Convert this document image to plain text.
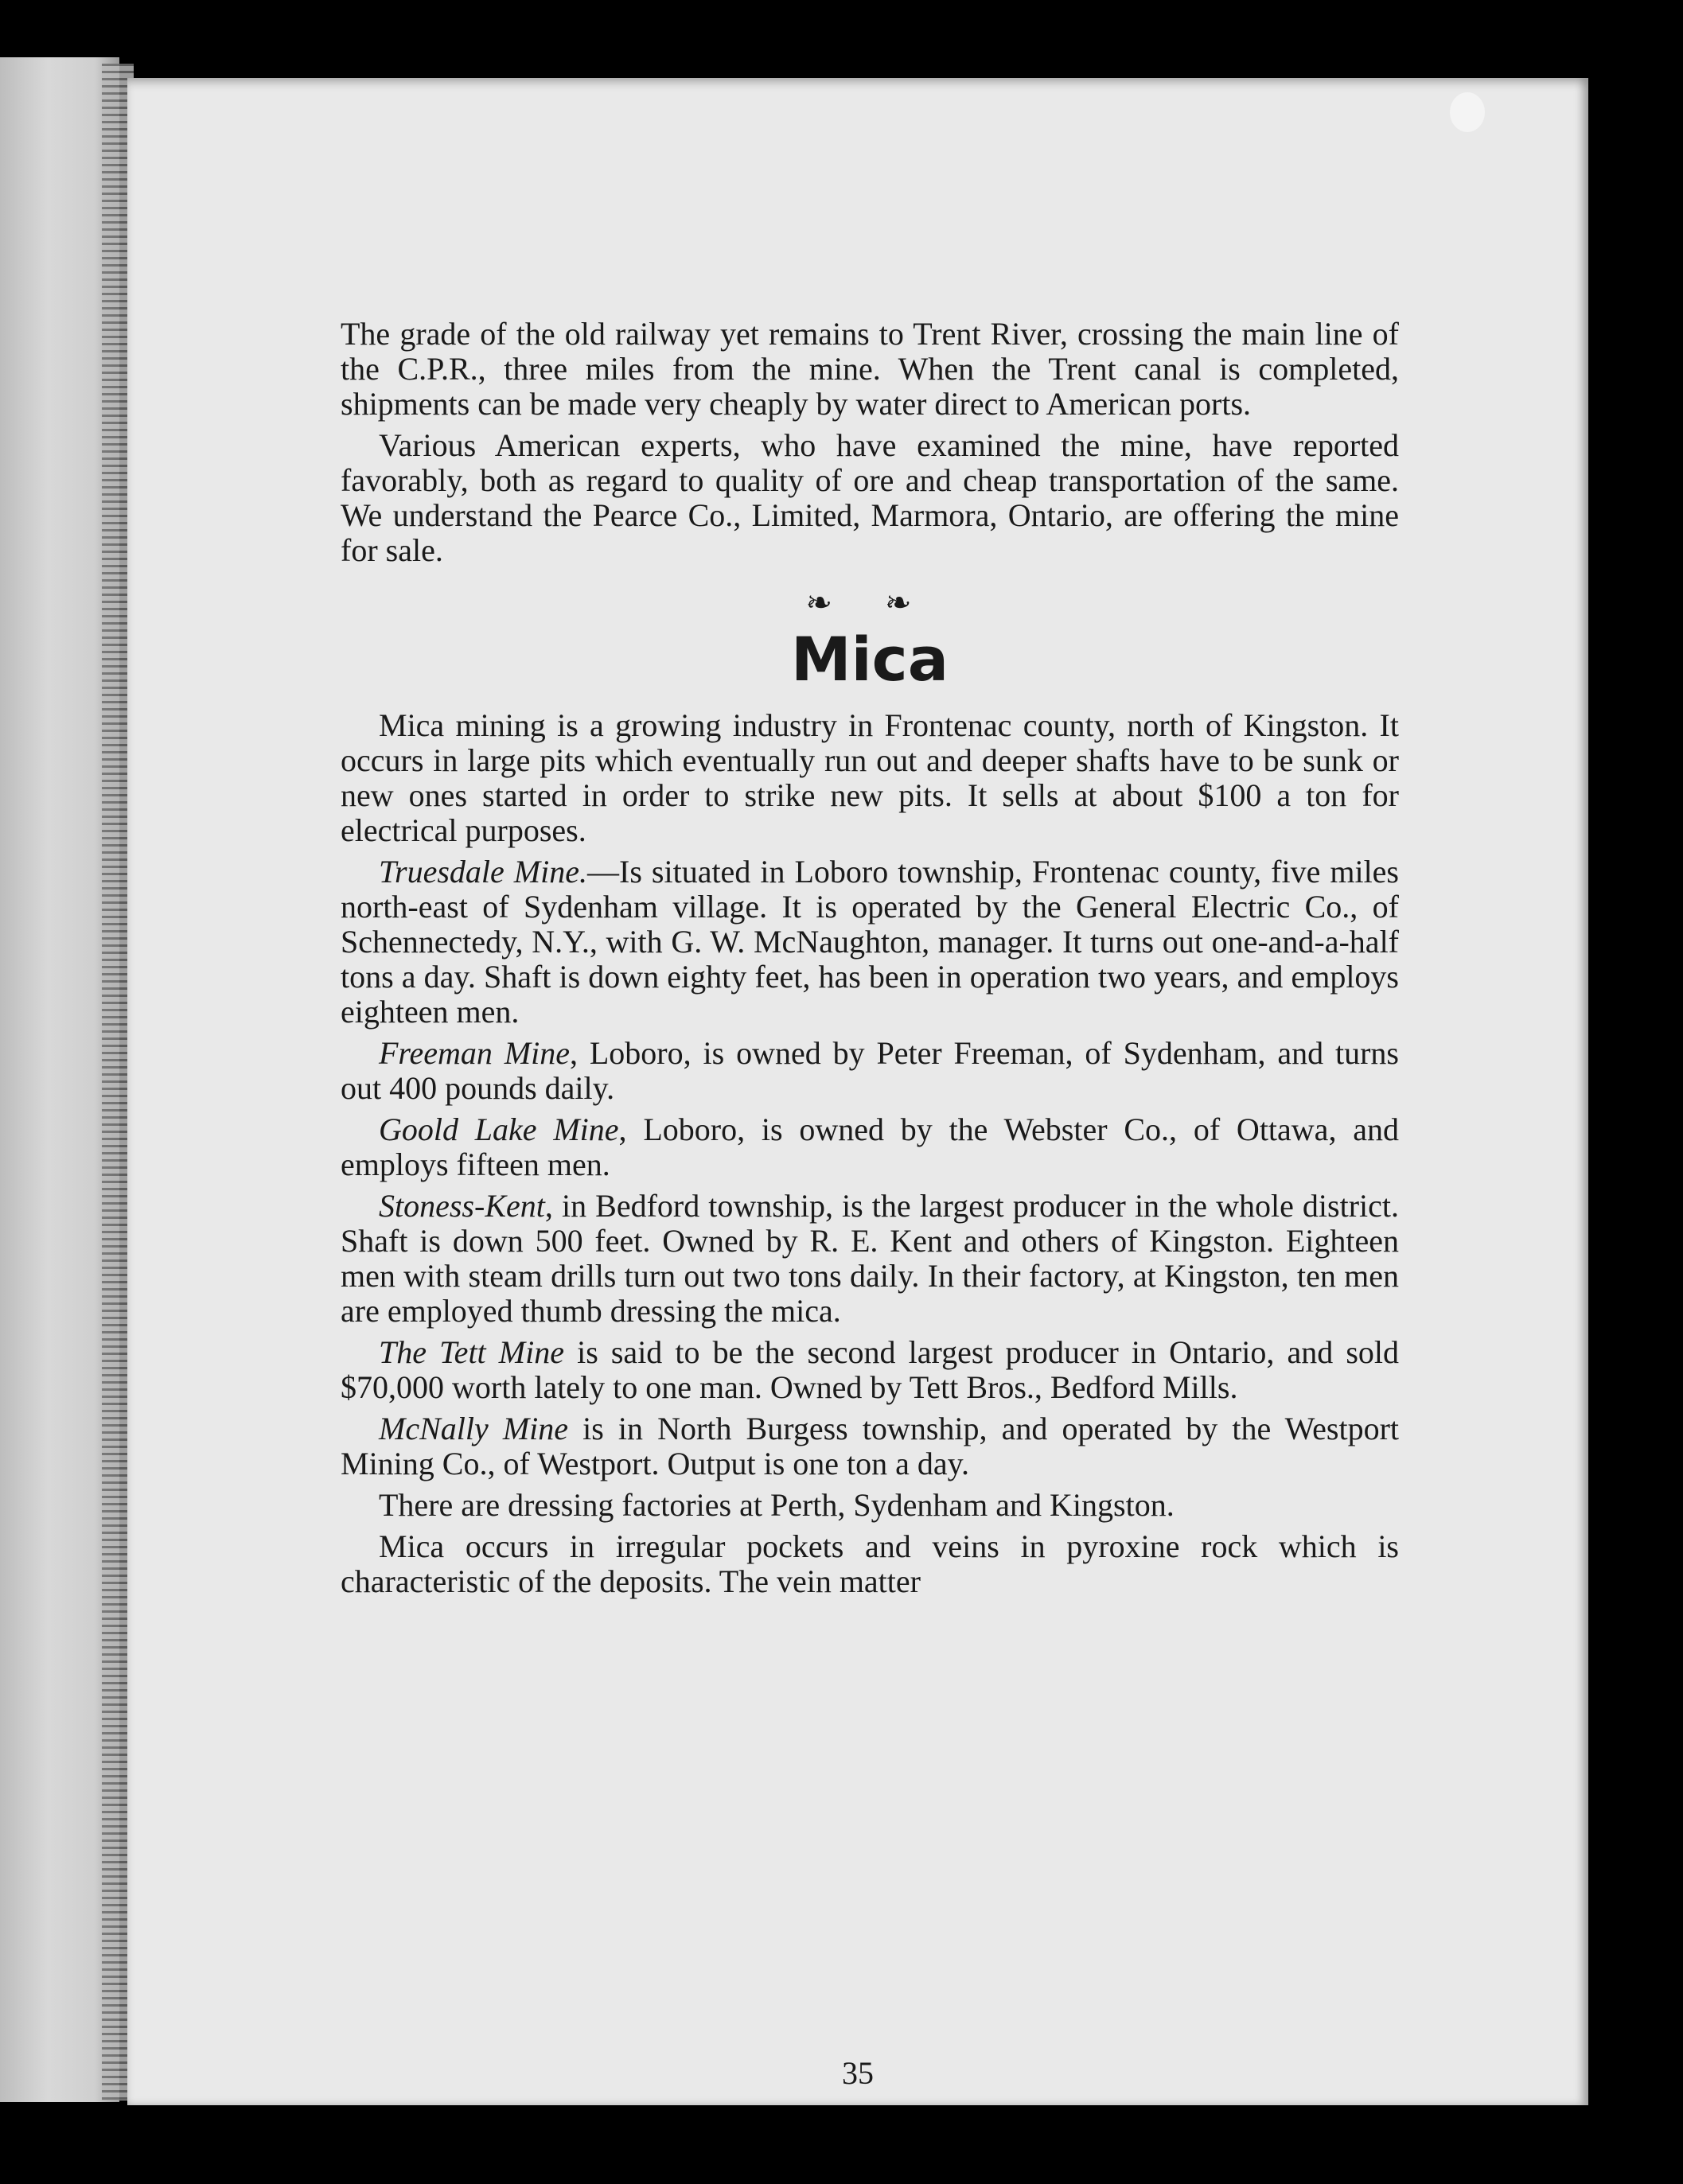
35

The grade of the old railway yet remains to Trent River, crossing the main line of the C.P.R., three miles from the mine. When the Trent canal is completed, shipments can be made very cheaply by water direct to American ports.

Various American experts, who have examined the mine, have reported favorably, both as regard to quality of ore and cheap transportation of the same. We understand the Pearce Co., Limited, Marmora, Ontario, are offering the mine for sale.

❧ ❧
Mica

Mica mining is a growing industry in Frontenac county, north of Kingston. It occurs in large pits which eventually run out and deeper shafts have to be sunk or new ones started in order to strike new pits. It sells at about $100 a ton for electrical purposes.

Truesdale Mine.—Is situated in Loboro township, Frontenac county, five miles north-east of Sydenham village. It is operated by the General Electric Co., of Schennectedy, N.Y., with G. W. McNaughton, manager. It turns out one-and-a-half tons a day. Shaft is down eighty feet, has been in operation two years, and employs eighteen men.

Freeman Mine, Loboro, is owned by Peter Freeman, of Sydenham, and turns out 400 pounds daily.

Goold Lake Mine, Loboro, is owned by the Webster Co., of Ottawa, and employs fifteen men.

Stoness-Kent, in Bedford township, is the largest producer in the whole district. Shaft is down 500 feet. Owned by R. E. Kent and others of Kingston. Eighteen men with steam drills turn out two tons daily. In their factory, at Kingston, ten men are employed thumb dressing the mica.

The Tett Mine is said to be the second largest producer in Ontario, and sold $70,000 worth lately to one man. Owned by Tett Bros., Bedford Mills.

McNally Mine is in North Burgess township, and operated by the Westport Mining Co., of Westport. Output is one ton a day.

There are dressing factories at Perth, Sydenham and Kingston.

Mica occurs in irregular pockets and veins in pyroxine rock which is characteristic of the deposits. The vein matter
